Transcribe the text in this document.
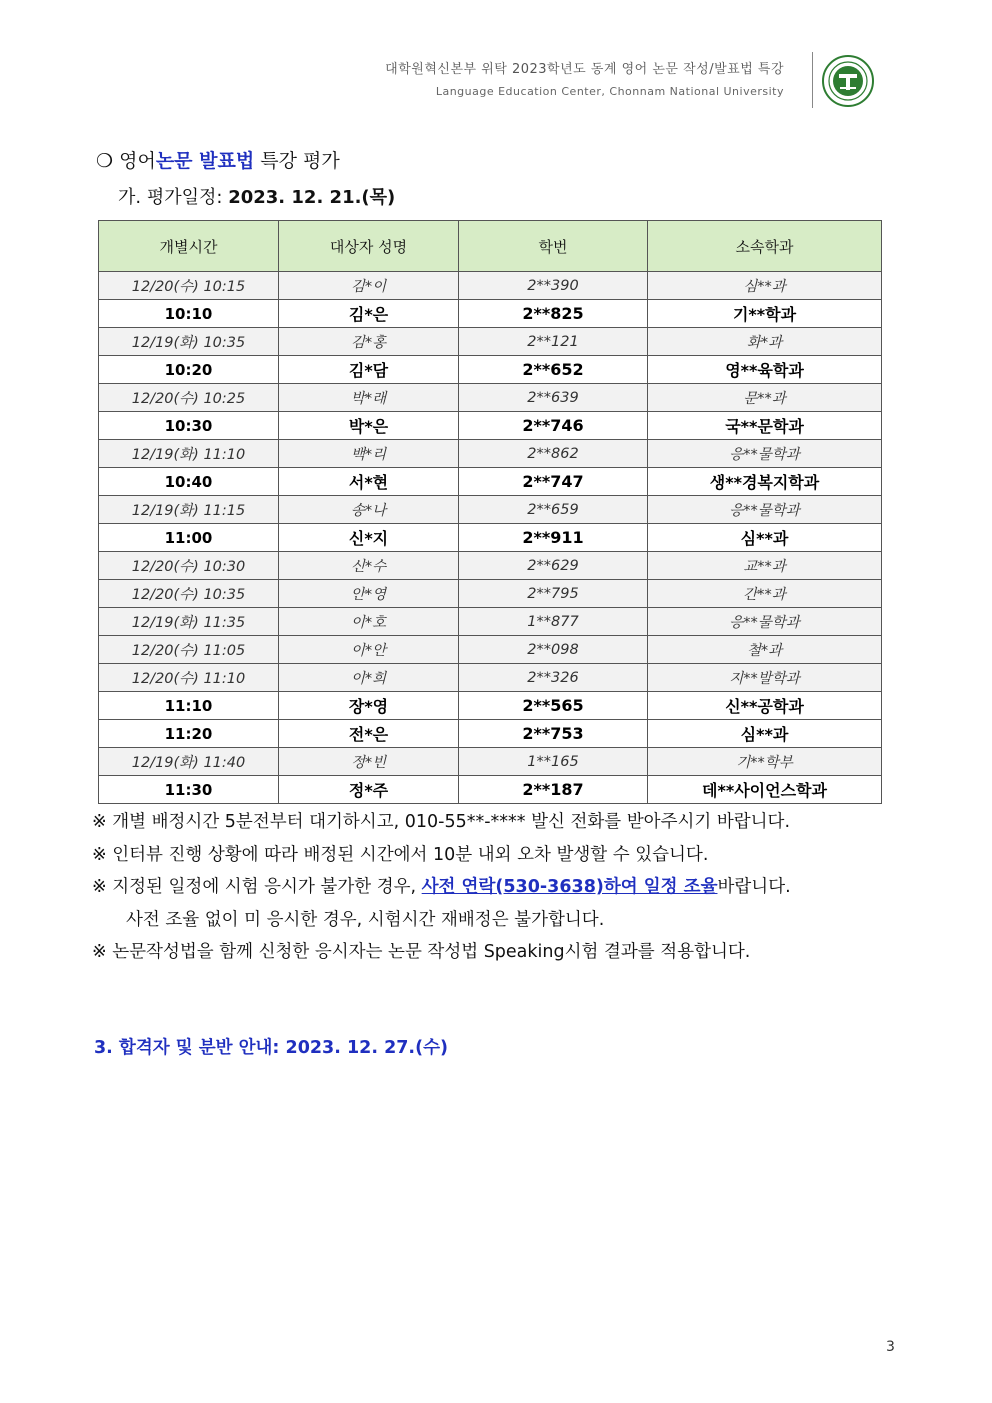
대학원혁신본부 위탁 2023학년도 동계 영어 논문 작성/발표법 특강
Language Education Center, Chonnam National University
❍ 영어논문 발표법 특강 평가
가. 평가일정: 2023. 12. 21.(목)
개별시간	대상자 성명	학번	소속학과
12/20(수) 10:15	김*이	2**390	심**과
10:10	김*은	2**825	기**학과
12/19(화) 10:35	김*홍	2**121	화*과
10:20	김*담	2**652	영**육학과
12/20(수) 10:25	박*래	2**639	문**과
10:30	박*은	2**746	국**문학과
12/19(화) 11:10	백*리	2**862	응**물학과
10:40	서*현	2**747	생**경복지학과
12/19(화) 11:15	송*나	2**659	응**물학과
11:00	신*지	2**911	심**과
12/20(수) 10:30	신*수	2**629	교**과
12/20(수) 10:35	안*영	2**795	간**과
12/19(화) 11:35	이*호	1**877	응**물학과
12/20(수) 11:05	이*안	2**098	철*과
12/20(수) 11:10	이*희	2**326	지**발학과
11:10	장*영	2**565	신**공학과
11:20	전*은	2**753	심**과
12/19(화) 11:40	정*빈	1**165	기**학부
11:30	정*주	2**187	데**사이언스학과
※ 개별 배정시간 5분전부터 대기하시고, 010-55**-**** 발신 전화를 받아주시기 바랍니다.
※ 인터뷰 진행 상황에 따라 배정된 시간에서 10분 내외 오차 발생할 수 있습니다.
※ 지정된 일정에 시험 응시가 불가한 경우, 사전 연락(530-3638)하여 일정 조율바랍니다.
사전 조율 없이 미 응시한 경우, 시험시간 재배정은 불가합니다.
※ 논문작성법을 함께 신청한 응시자는 논문 작성법 Speaking시험 결과를 적용합니다.
3. 합격자 및 분반 안내: 2023. 12. 27.(수)
3
